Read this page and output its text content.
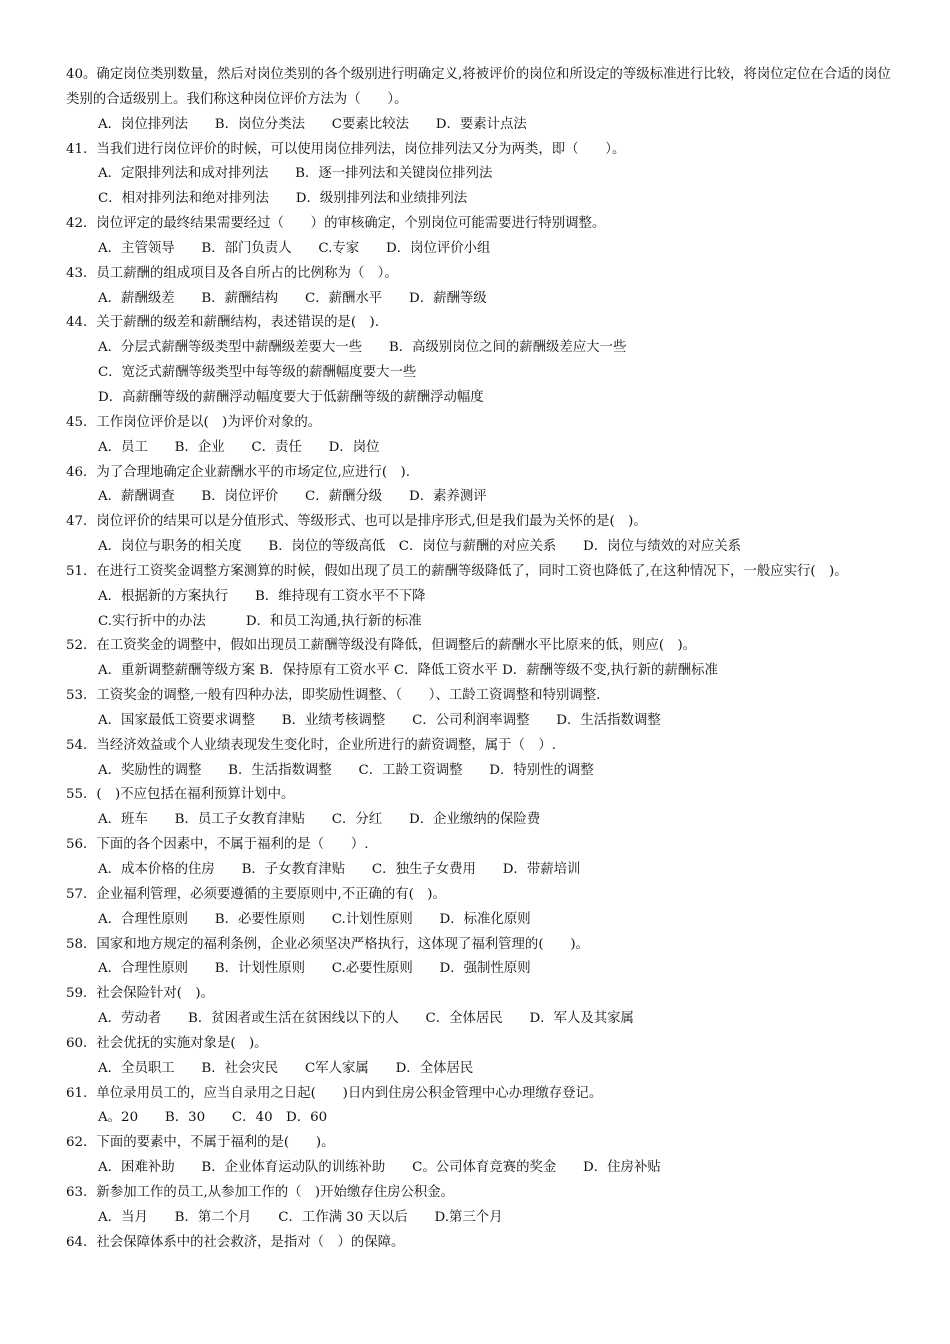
40。确定岗位类别数量，然后对岗位类别的各个级别进行明确定义,将被评价的岗位和所设定的等级标准进行比较，将岗位定位在合适的岗位类别的合适级别上。我们称这种岗位评价方法为（　　）。
A．岗位排列法　　B．岗位分类法　　C要素比较法　　D．要素计点法
41．当我们进行岗位评价的时候，可以使用岗位排列法，岗位排列法又分为两类，即（　　）。
A．定限排列法和成对排列法　　B．逐一排列法和关键岗位排列法
C．相对排列法和绝对排列法　　D．级别排列法和业绩排列法
42．岗位评定的最终结果需要经过（　　）的审核确定，个别岗位可能需要进行特别调整。
A．主管领导　　B．部门负责人　　C.专家　　D．岗位评价小组
43．员工薪酬的组成项目及各自所占的比例称为（　）。
A．薪酬级差　　B．薪酬结构　　C．薪酬水平　　D．薪酬等级
44．关于薪酬的级差和薪酬结构，表述错误的是(　).
A．分层式薪酬等级类型中薪酬级差要大一些　　B．高级别岗位之间的薪酬级差应大一些
C．宽泛式薪酬等级类型中每等级的薪酬幅度要大一些
D．高薪酬等级的薪酬浮动幅度要大于低薪酬等级的薪酬浮动幅度
45．工作岗位评价是以(　)为评价对象的。
A．员工　　B．企业　　C．责任　　D．岗位
46．为了合理地确定企业薪酬水平的市场定位,应进行(　).
A．薪酬调查　　B．岗位评价　　C．薪酬分级　　D．素养测评
47．岗位评价的结果可以是分值形式、等级形式、也可以是排序形式,但是我们最为关怀的是(　)。
A．岗位与职务的相关度　　B．岗位的等级高低　C．岗位与薪酬的对应关系　　D．岗位与绩效的对应关系
51．在进行工资奖金调整方案测算的时候，假如出现了员工的薪酬等级降低了，同时工资也降低了,在这种情况下，一般应实行(　)。
A．根据新的方案执行　　B．维持现有工资水平不下降
C.实行折中的办法　　　D．和员工沟通,执行新的标准
52．在工资奖金的调整中，假如出现员工薪酬等级没有降低，但调整后的薪酬水平比原来的低，则应(　)。
A．重新调整薪酬等级方案 B．保持原有工资水平 C．降低工资水平 D．薪酬等级不变,执行新的薪酬标准
53．工资奖金的调整,一般有四种办法，即奖励性调整、（　　）、工龄工资调整和特别调整.
A．国家最低工资要求调整　　B．业绩考核调整　　C．公司利润率调整　　D．生活指数调整
54．当经济效益或个人业绩表现发生变化时，企业所进行的薪资调整，属于（　）.
A．奖励性的调整　　B．生活指数调整　　C．工龄工资调整　　D．特别性的调整
55．(　)不应包括在福利预算计划中。
A．班车　　B．员工子女教育津贴　　C．分红　　D．企业缴纳的保险费
56．下面的各个因素中，不属于福利的是（　　）.
A．成本价格的住房　　B．子女教育津贴　　C．独生子女费用　　D．带薪培训
57．企业福利管理，必须要遵循的主要原则中,不正确的有(　)。
A．合理性原则　　B．必要性原则　　C.计划性原则　　D．标准化原则
58．国家和地方规定的福利条例，企业必须坚决严格执行，这体现了福利管理的(　　)。
A．合理性原则　　B．计划性原则　　C.必要性原则　　D．强制性原则
59．社会保险针对(　)。
A．劳动者　　B．贫困者或生活在贫困线以下的人　　C．全体居民　　D．军人及其家属
60．社会优抚的实施对象是(　)。
A．全员职工　　B．社会灾民　　C军人家属　　D．全体居民
61．单位录用员工的，应当自录用之日起(　　)日内到住房公积金管理中心办理缴存登记。
A。20　　B．30　　C．40　D．60
62．下面的要素中，不属于福利的是(　　)。
A．困难补助　　B．企业体育运动队的训练补助　　C。公司体育竞赛的奖金　　D．住房补贴
63．新参加工作的员工,从参加工作的（　)开始缴存住房公积金。
A．当月　　B．第二个月　　C．工作满 30 天以后　　D.第三个月
64．社会保障体系中的社会救济，是指对（　）的保障。
